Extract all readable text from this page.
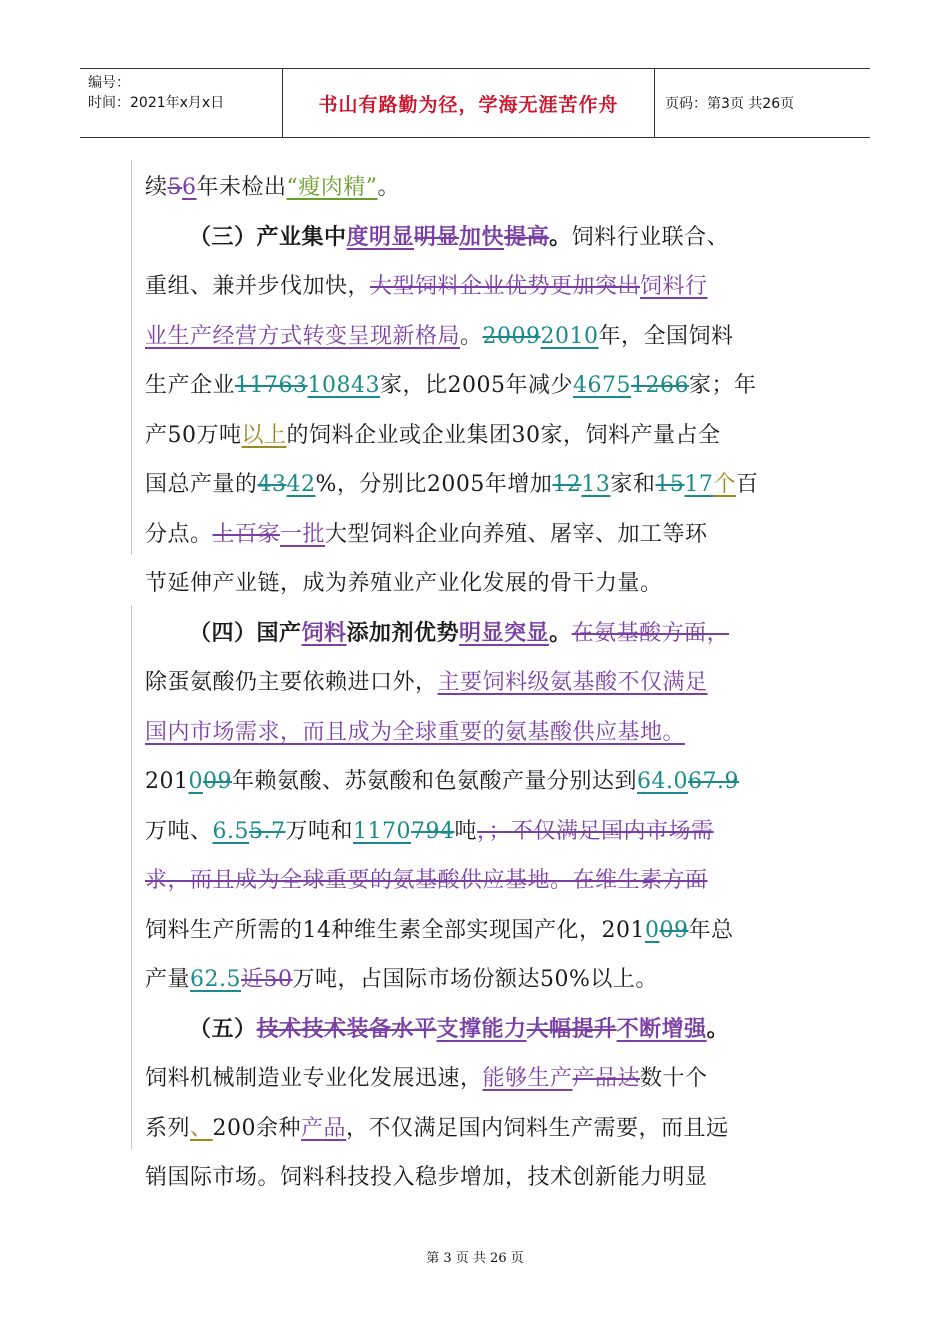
编号：
时间：2021年x月x日	书山有路勤为径，学海无涯苦作舟	页码：第3页 共26页
续56年未检出“瘦肉精”。
（三）产业集中度明显明显加快提高。饲料行业联合、
重组、兼并步伐加快，大型饲料企业优势更加突出饲料行
业生产经营方式转变呈现新格局。20092010年，全国饲料
生产企业1176310843家，比2005年减少46751266家；年
产50万吨以上的饲料企业或企业集团30家，饲料产量占全
国总产量的4342%，分别比2005年增加1213家和1517个百
分点。上百家一批大型饲料企业向养殖、屠宰、加工等环
节延伸产业链，成为养殖业产业化发展的骨干力量。
（四）国产饲料添加剂优势明显突显。在氨基酸方面，
除蛋氨酸仍主要依赖进口外，主要饲料级氨基酸不仅满足
国内市场需求，而且成为全球重要的氨基酸供应基地。
201009年赖氨酸、苏氨酸和色氨酸产量分别达到64.067.9
万吨、6.55.7万吨和1170794吨，；不仅满足国内市场需
求，而且成为全球重要的氨基酸供应基地。在维生素方面
饲料生产所需的14种维生素全部实现国产化，201009年总
产量62.5近50万吨，占国际市场份额达50%以上。
（五）技术技术装备水平支撑能力大幅提升不断增强。
饲料机械制造业专业化发展迅速，能够生产产品达数十个
系列、200余种产品，不仅满足国内饲料生产需要，而且远
销国际市场。饲料科技投入稳步增加，技术创新能力明显
第 3 页 共 26 页
